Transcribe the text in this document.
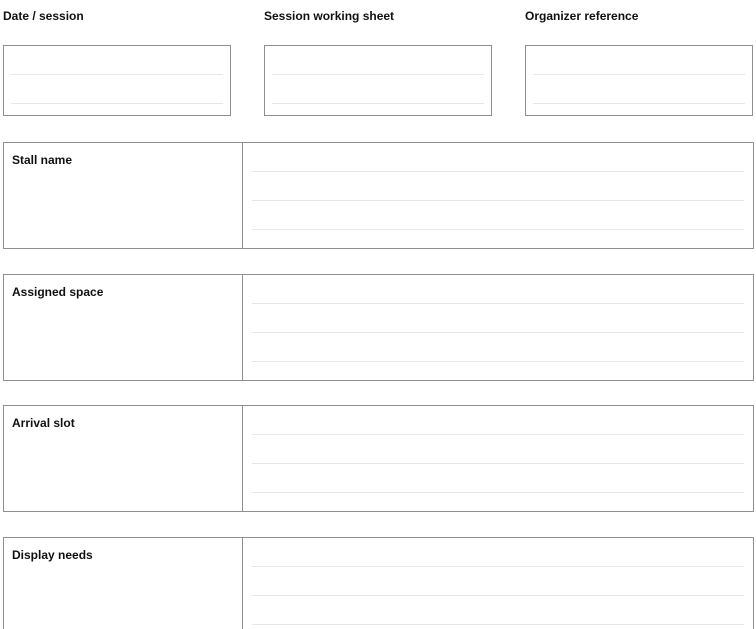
Date / session	Session working sheet	Organizer reference
Stall name
Assigned space
Arrival slot
Display needs
